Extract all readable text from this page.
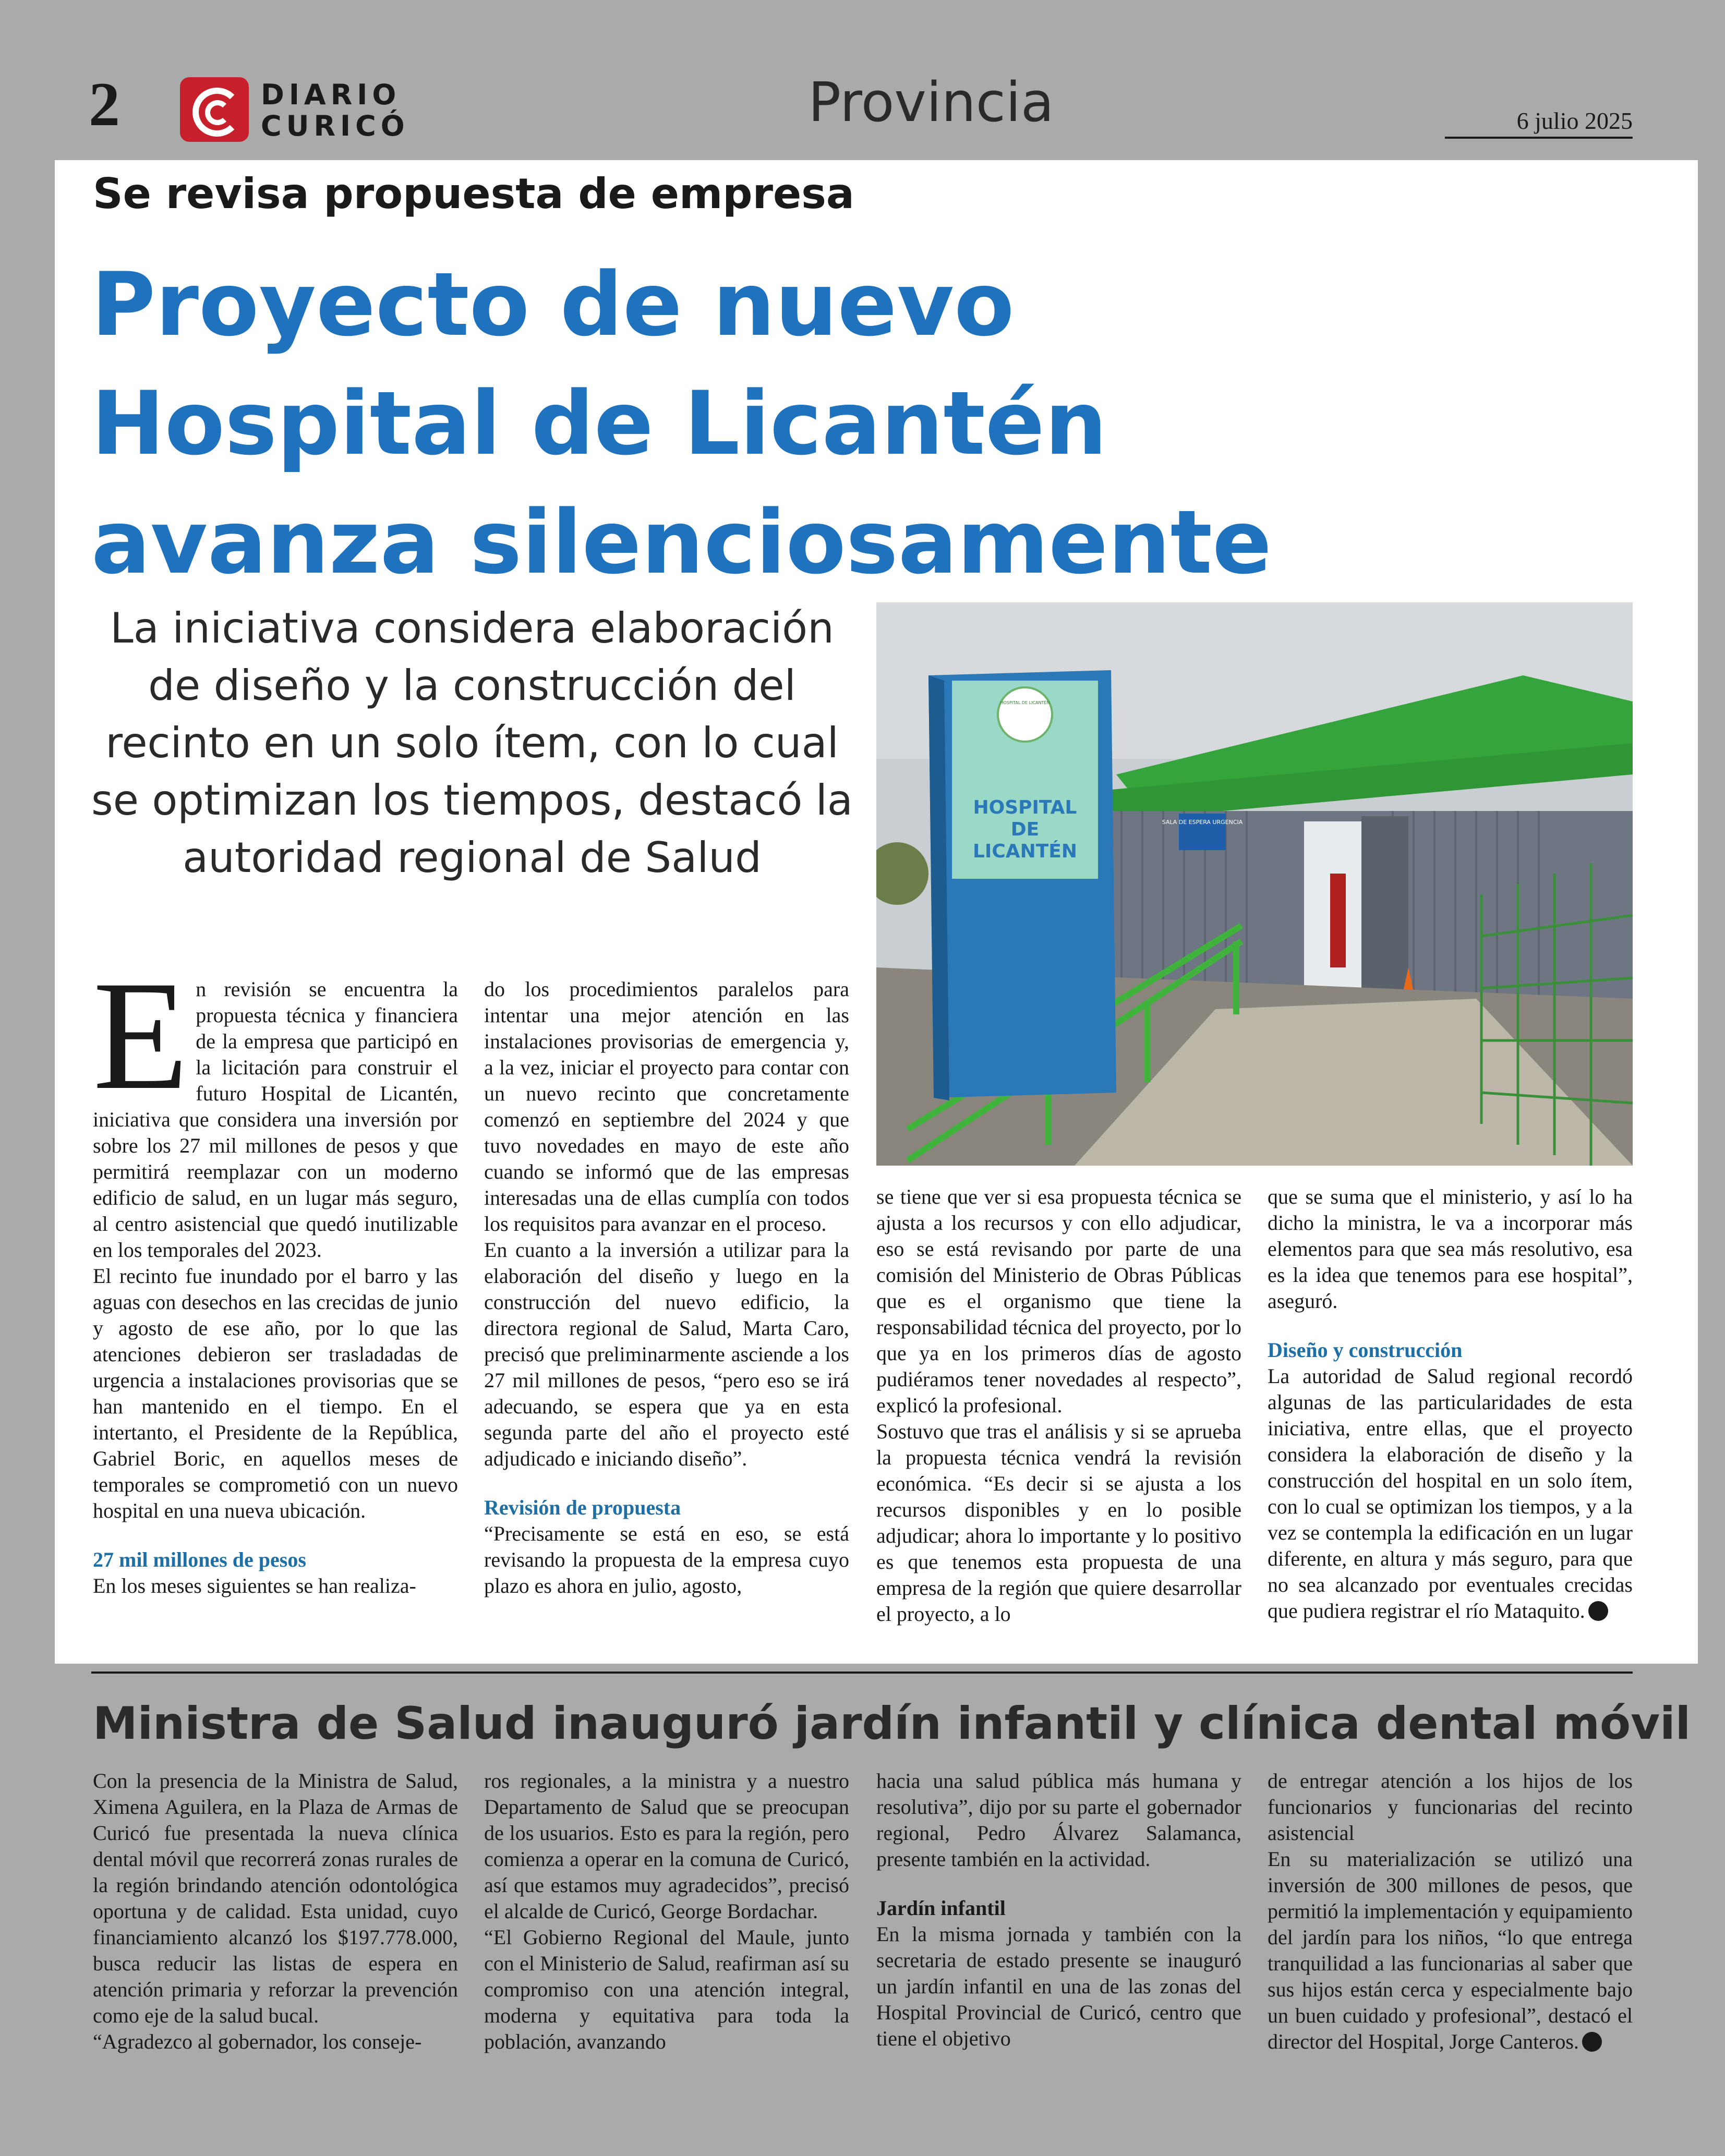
2	DIARIO
CURICÓ	Provincia	6 julio 2025
Se revisa propuesta de empresa
Proyecto de nuevo
Hospital de Licantén
avanza silenciosamente
La iniciativa considera elaboración de diseño y la construcción del recinto en un solo ítem, con lo cual se optimizan los tiempos, destacó la autoridad regional de Salud
SALA DE ESPERA URGENCIA
HOSPITAL DE LICANTÉN
HOSPITAL
DE
LICANTÉN

En revisión se encuentra la propuesta técnica y financiera de la empresa que participó en la licitación para construir el futuro Hospital de Licantén, iniciativa que considera una inversión por sobre los 27 mil millones de pesos y que permitirá reemplazar con un moderno edificio de salud, en un lugar más seguro, al centro asistencial que quedó inutilizable en los temporales del 2023.

El recinto fue inundado por el barro y las aguas con desechos en las crecidas de junio y agosto de ese año, por lo que las atenciones debieron ser trasladadas de urgencia a instalaciones provisorias que se han mantenido en el tiempo. En el intertanto, el Presidente de la República, Gabriel Boric, en aquellos meses de temporales se comprometió con un nuevo hospital en una nueva ubicación.

27 mil millones de pesos

En los meses siguientes se han realiza-

do los procedimientos paralelos para intentar una mejor atención en las instalaciones provisorias de emergencia y, a la vez, iniciar el proyecto para contar con un nuevo recinto que concretamente comenzó en septiembre del 2024 y que tuvo novedades en mayo de este año cuando se informó que de las empresas interesadas una de ellas cumplía con todos los requisitos para avanzar en el proceso.

En cuanto a la inversión a utilizar para la elaboración del diseño y luego en la construcción del nuevo edificio, la directora regional de Salud, Marta Caro, precisó que preliminarmente asciende a los 27 mil millones de pesos, “pero eso se irá adecuando, se espera que ya en esta segunda parte del año el proyecto esté adjudicado e iniciando diseño”.

Revisión de propuesta

“Precisamente se está en eso, se está revisando la propuesta de la empresa cuyo plazo es ahora en julio, agosto,

se tiene que ver si esa propuesta técnica se ajusta a los recursos y con ello adjudicar, eso se está revisando por parte de una comisión del Ministerio de Obras Públicas que es el organismo que tiene la responsabilidad técnica del proyecto, por lo que ya en los primeros días de agosto pudiéramos tener novedades al respecto”, explicó la profesional.

Sostuvo que tras el análisis y si se aprueba la propuesta técnica vendrá la revisión económica. “Es decir si se ajusta a los recursos disponibles y en lo posible adjudicar; ahora lo importante y lo positivo es que tenemos esta propuesta de una empresa de la región que quiere desarrollar el proyecto, a lo

que se suma que el ministerio, y así lo ha dicho la ministra, le va a incorporar más elementos para que sea más resolutivo, esa es la idea que tenemos para ese hospital”, aseguró.

Diseño y construcción

La autoridad de Salud regional recordó algunas de las particularidades de esta iniciativa, entre ellas, que el proyecto considera la elaboración de diseño y la construcción del hospital en un solo ítem, con lo cual se optimizan los tiempos, y a la vez se contempla la edificación en un lugar diferente, en altura y más seguro, para que no sea alcanzado por eventuales crecidas que pudiera registrar el río Mataquito.

Ministra de Salud inauguró jardín infantil y clínica dental móvil

Con la presencia de la Ministra de Salud, Ximena Aguilera, en la Plaza de Armas de Curicó fue presentada la nueva clínica dental móvil que recorrerá zonas rurales de la región brindando atención odontológica oportuna y de calidad. Esta unidad, cuyo financiamiento alcanzó los $197.778.000, busca reducir las listas de espera en atención primaria y reforzar la prevención como eje de la salud bucal.

“Agradezco al gobernador, los conseje-

ros regionales, a la ministra y a nuestro Departamento de Salud que se preocupan de los usuarios. Esto es para la región, pero comienza a operar en la comuna de Curicó, así que estamos muy agradecidos”, precisó el alcalde de Curicó, George Bordachar.

“El Gobierno Regional del Maule, junto con el Ministerio de Salud, reafirman así su compromiso con una atención integral, moderna y equitativa para toda la población, avanzando

hacia una salud pública más humana y resolutiva”, dijo por su parte el gobernador regional, Pedro Álvarez Salamanca, presente también en la actividad.

Jardín infantil

En la misma jornada y también con la secretaria de estado presente se inauguró un jardín infantil en una de las zonas del Hospital Provincial de Curicó, centro que tiene el objetivo

de entregar atención a los hijos de los funcionarios y funcionarias del recinto asistencial

En su materialización se utilizó una inversión de 300 millones de pesos, que permitió la implementación y equipamiento del jardín para los niños, “lo que entrega tranquilidad a las funcionarias al saber que sus hijos están cerca y especialmente bajo un buen cuidado y profesional”, destacó el director del Hospital, Jorge Canteros.
